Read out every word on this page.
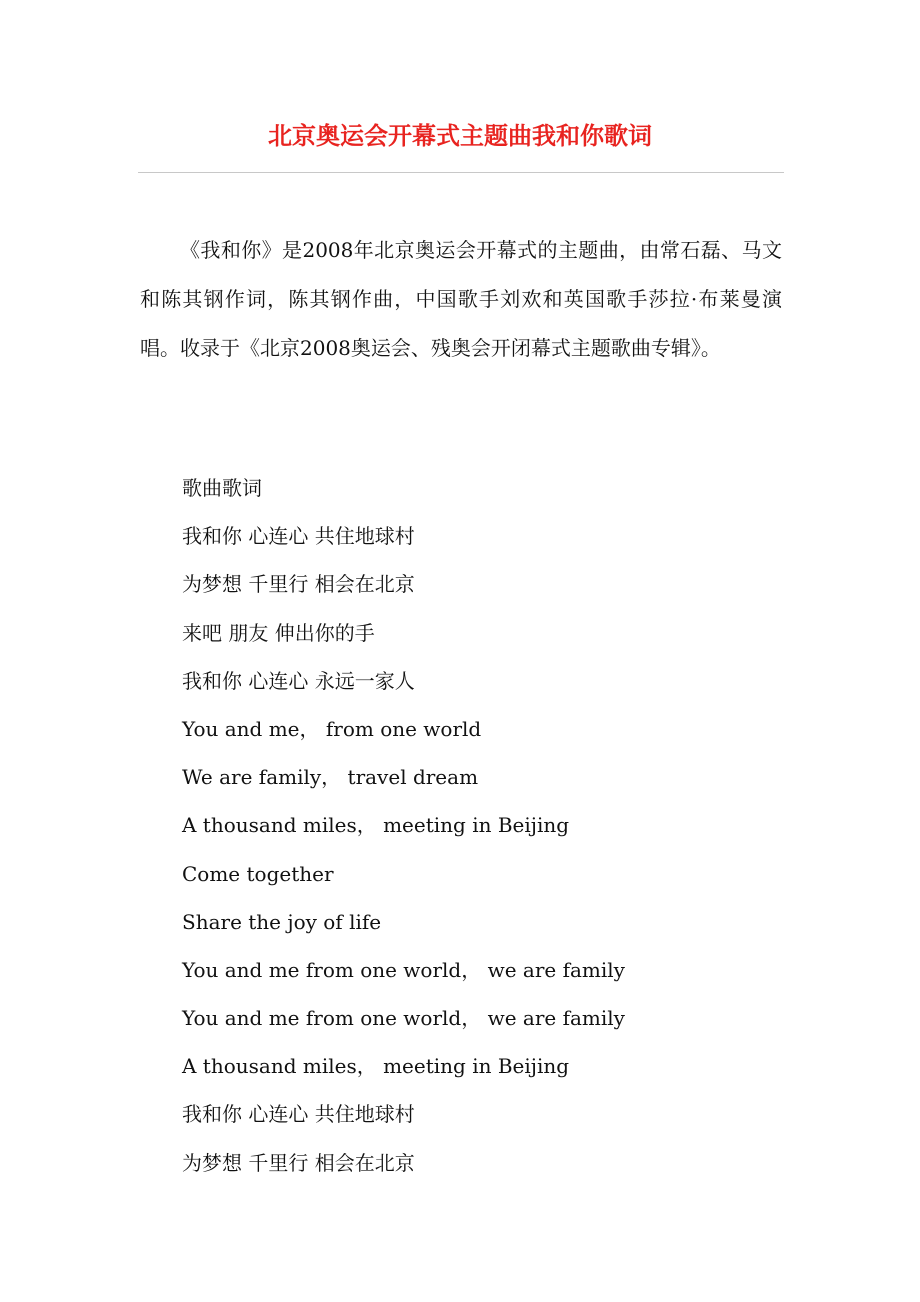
北京奥运会开幕式主题曲我和你歌词

《我和你》是2008年北京奥运会开幕式的主题曲，由常石磊、马文和陈其钢作词，陈其钢作曲，中国歌手刘欢和英国歌手莎拉·布莱曼演唱。收录于《北京2008奥运会、残奥会开闭幕式主题歌曲专辑》。

歌曲歌词
我和你 心连心 共住地球村
为梦想 千里行 相会在北京
来吧 朋友 伸出你的手
我和你 心连心 永远一家人
You and me， from one world
We are family， travel dream
A thousand miles， meeting in Beijing
Come together
Share the joy of life
You and me from one world， we are family
You and me from one world， we are family
A thousand miles， meeting in Beijing
我和你 心连心 共住地球村
为梦想 千里行 相会在北京
